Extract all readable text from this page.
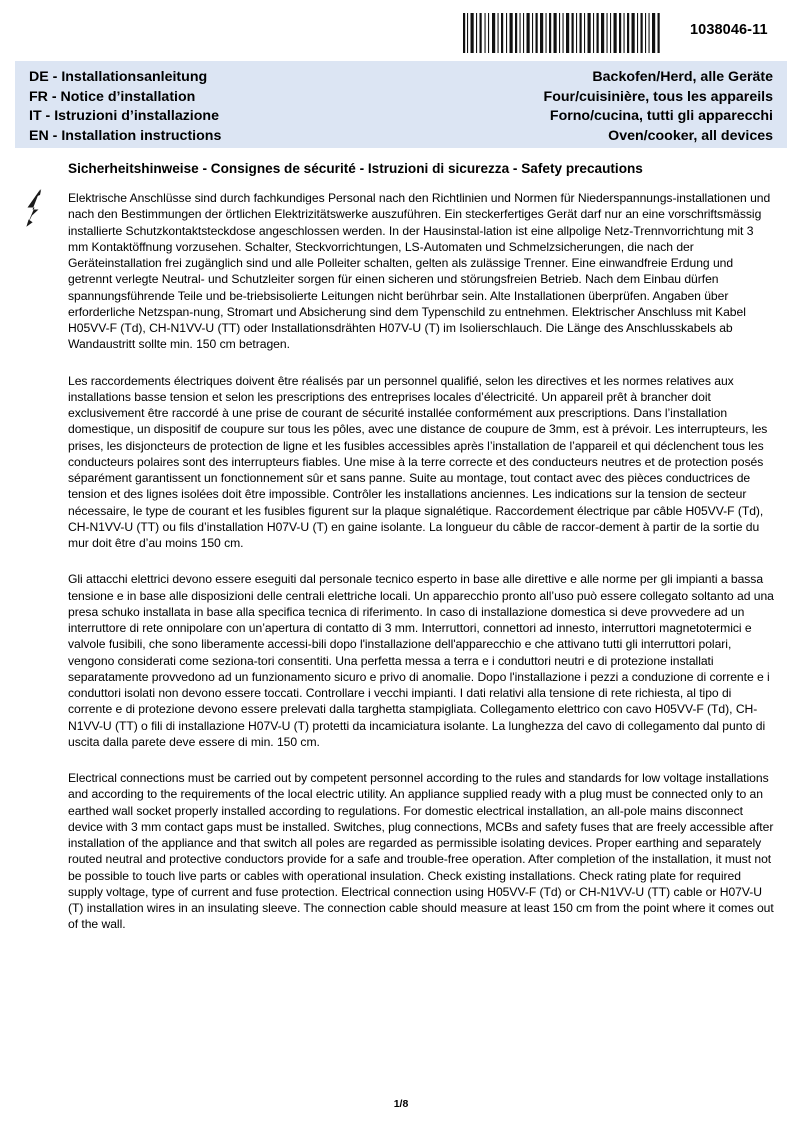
1038046-11
DE - Installationsanleitung	Backofen/Herd, alle Geräte
FR - Notice d’installation	Four/cuisinière, tous les appareils
IT - Istruzioni d’installazione	Forno/cucina, tutti gli apparecchi
EN - Installation instructions	Oven/cooker, all devices
Sicherheitshinweise - Consignes de sécurité - Istruzioni di sicurezza - Safety precautions

Elektrische Anschlüsse sind durch fachkundiges Personal nach den Richtlinien und Normen für Niederspannungs-installationen und nach den Bestimmungen der örtlichen Elektrizitätswerke auszuführen. Ein steckerfertiges Gerät darf nur an eine vorschriftsmässig installierte Schutzkontaktsteckdose angeschlossen werden. In der Hausinstal-lation ist eine allpolige Netz-Trennvorrichtung mit 3 mm Kontaktöffnung vorzusehen. Schalter, Steckvorrichtungen, LS-Automaten und Schmelzsicherungen, die nach der Geräteinstallation frei zugänglich sind und alle Polleiter schalten, gelten als zulässige Trenner. Eine einwandfreie Erdung und getrennt verlegte Neutral- und Schutzleiter sorgen für einen sicheren und störungsfreien Betrieb. Nach dem Einbau dürfen spannungsführende Teile und be-triebsisolierte Leitungen nicht berührbar sein. Alte Installationen überprüfen. Angaben über erforderliche Netzspan-nung, Stromart und Absicherung sind dem Typenschild zu entnehmen. Elektrischer Anschluss mit Kabel H05VV-F (Td), CH-N1VV-U (TT) oder Installationsdrähten H07V-U (T) im Isolierschlauch. Die Länge des Anschlusskabels ab Wandaustritt sollte min. 150 cm betragen.

Les raccordements électriques doivent être réalisés par un personnel qualifié, selon les directives et les normes relatives aux installations basse tension et selon les prescriptions des entreprises locales d’électricité. Un appareil prêt à brancher doit exclusivement être raccordé à une prise de courant de sécurité installée conformément aux prescriptions. Dans l’installation domestique, un dispositif de coupure sur tous les pôles, avec une distance de coupure de 3mm, est à prévoir. Les interrupteurs, les prises, les disjoncteurs de protection de ligne et les fusibles accessibles après l’installation de l’appareil et qui déclenchent tous les conducteurs polaires sont des interrupteurs fiables. Une mise à la terre correcte et des conducteurs neutres et de protection posés séparément garantissent un fonctionnement sûr et sans panne. Suite au montage, tout contact avec des pièces conductrices de tension et des lignes isolées doit être impossible. Contrôler les installations anciennes. Les indications sur la tension de secteur nécessaire, le type de courant et les fusibles figurent sur la plaque signalétique. Raccordement électrique par câble H05VV-F (Td), CH-N1VV-U (TT) ou fils d’installation H07V-U (T) en gaine isolante. La longueur du câble de raccor-dement à partir de la sortie du mur doit être d’au moins 150 cm.

Gli attacchi elettrici devono essere eseguiti dal personale tecnico esperto in base alle direttive e alle norme per gli impianti a bassa tensione e in base alle disposizioni delle centrali elettriche locali. Un apparecchio pronto all’uso può essere collegato soltanto ad una presa schuko installata in base alla specifica tecnica di riferimento. In caso di installazione domestica si deve provvedere ad un interruttore di rete onnipolare con un’apertura di contatto di 3 mm. Interruttori, connettori ad innesto, interruttori magnetotermici e valvole fusibili, che sono liberamente accessi-bili dopo l'installazione dell'apparecchio e che attivano tutti gli interruttori polari, vengono considerati come seziona-tori consentiti. Una perfetta messa a terra e i conduttori neutri e di protezione installati separatamente provvedono ad un funzionamento sicuro e privo di anomalie. Dopo l'installazione i pezzi a conduzione di corrente e i conduttori isolati non devono essere toccati. Controllare i vecchi impianti. I dati relativi alla tensione di rete richiesta, al tipo di corrente e di protezione devono essere prelevati dalla targhetta stampigliata. Collegamento elettrico con cavo H05VV-F (Td), CH-N1VV-U (TT) o fili di installazione H07V-U (T) protetti da incamiciatura isolante. La lunghezza del cavo di collegamento dal punto di uscita dalla parete deve essere di min. 150 cm.

Electrical connections must be carried out by competent personnel according to the rules and standards for low voltage installations and according to the requirements of the local electric utility. An appliance supplied ready with a plug must be connected only to an earthed wall socket properly installed according to regulations. For domestic electrical installation, an all-pole mains disconnect device with 3 mm contact gaps must be installed. Switches, plug connections, MCBs and safety fuses that are freely accessible after installation of the appliance and that switch all poles are regarded as permissible isolating devices. Proper earthing and separately routed neutral and protective conductors provide for a safe and trouble-free operation. After completion of the installation, it must not be possible to touch live parts or cables with operational insulation. Check existing installations. Check rating plate for required supply voltage, type of current and fuse protection. Electrical connection using H05VV-F (Td) or CH-N1VV-U (TT) cable or H07V-U (T) installation wires in an insulating sleeve. The connection cable should measure at least 150 cm from the point where it comes out of the wall.

1/8
